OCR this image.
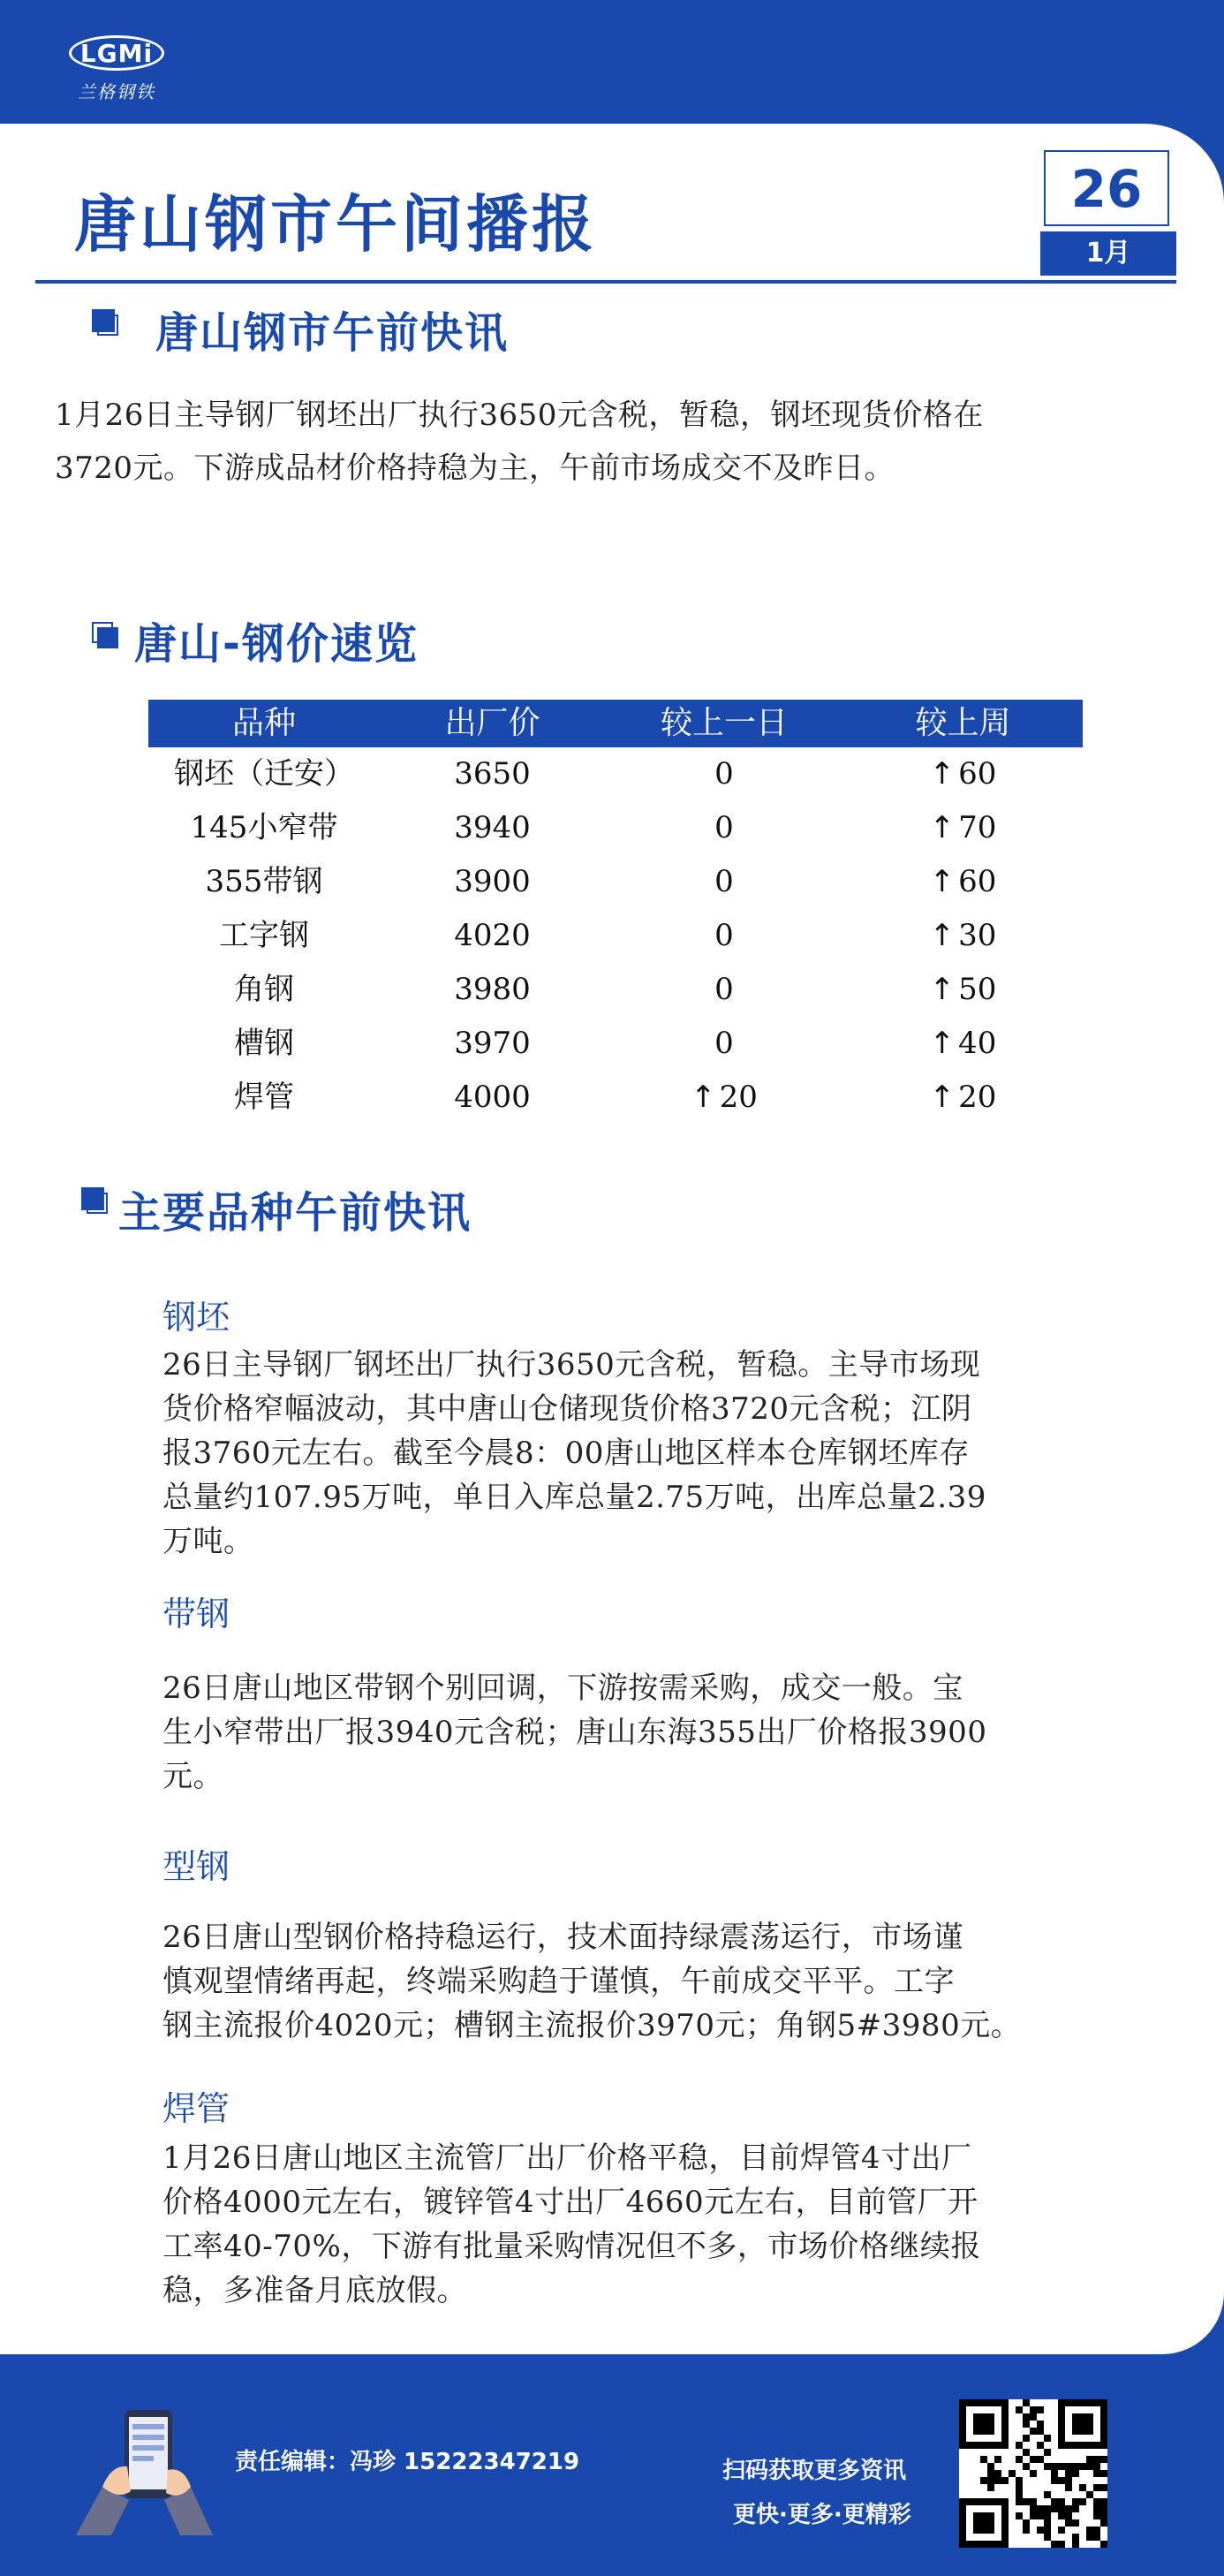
LGMi
兰格钢铁
唐山钢市午间播报	26
1月
唐山钢市午前快讯
1月26日主导钢厂钢坯出厂执行3650元含税，暂稳，钢坯现货价格在
3720元。下游成品材价格持稳为主，午前市场成交不及昨日。
唐山-钢价速览
品种	出厂价	较上一日	较上周
钢坯（迁安）	3650	0	↑ 60
145小窄带	3940	0	↑ 70
355带钢	3900	0	↑ 60
工字钢	4020	0	↑ 30
角钢	3980	0	↑ 50
槽钢	3970	0	↑ 40
焊管	4000	↑ 20	↑ 20
主要品种午前快讯
钢坯
26日主导钢厂钢坯出厂执行3650元含税，暂稳。主导市场现
货价格窄幅波动，其中唐山仓储现货价格3720元含税；江阴
报3760元左右。截至今晨8：00唐山地区样本仓库钢坯库存
总量约107.95万吨，单日入库总量2.75万吨，出库总量2.39
万吨。
带钢
26日唐山地区带钢个别回调，下游按需采购，成交一般。宝
生小窄带出厂报3940元含税；唐山东海355出厂价格报3900
元。
型钢
26日唐山型钢价格持稳运行，技术面持绿震荡运行，市场谨
慎观望情绪再起，终端采购趋于谨慎，午前成交平平。工字
钢主流报价4020元；槽钢主流报价3970元；角钢5#3980元。
焊管
1月26日唐山地区主流管厂出厂价格平稳，目前焊管4寸出厂
价格4000元左右，镀锌管4寸出厂4660元左右，目前管厂开
工率40-70%，下游有批量采购情况但不多，市场价格继续报
稳，多准备月底放假。
责任编辑：冯珍 15222347219	扫码获取更多资讯
更快·更多·更精彩
